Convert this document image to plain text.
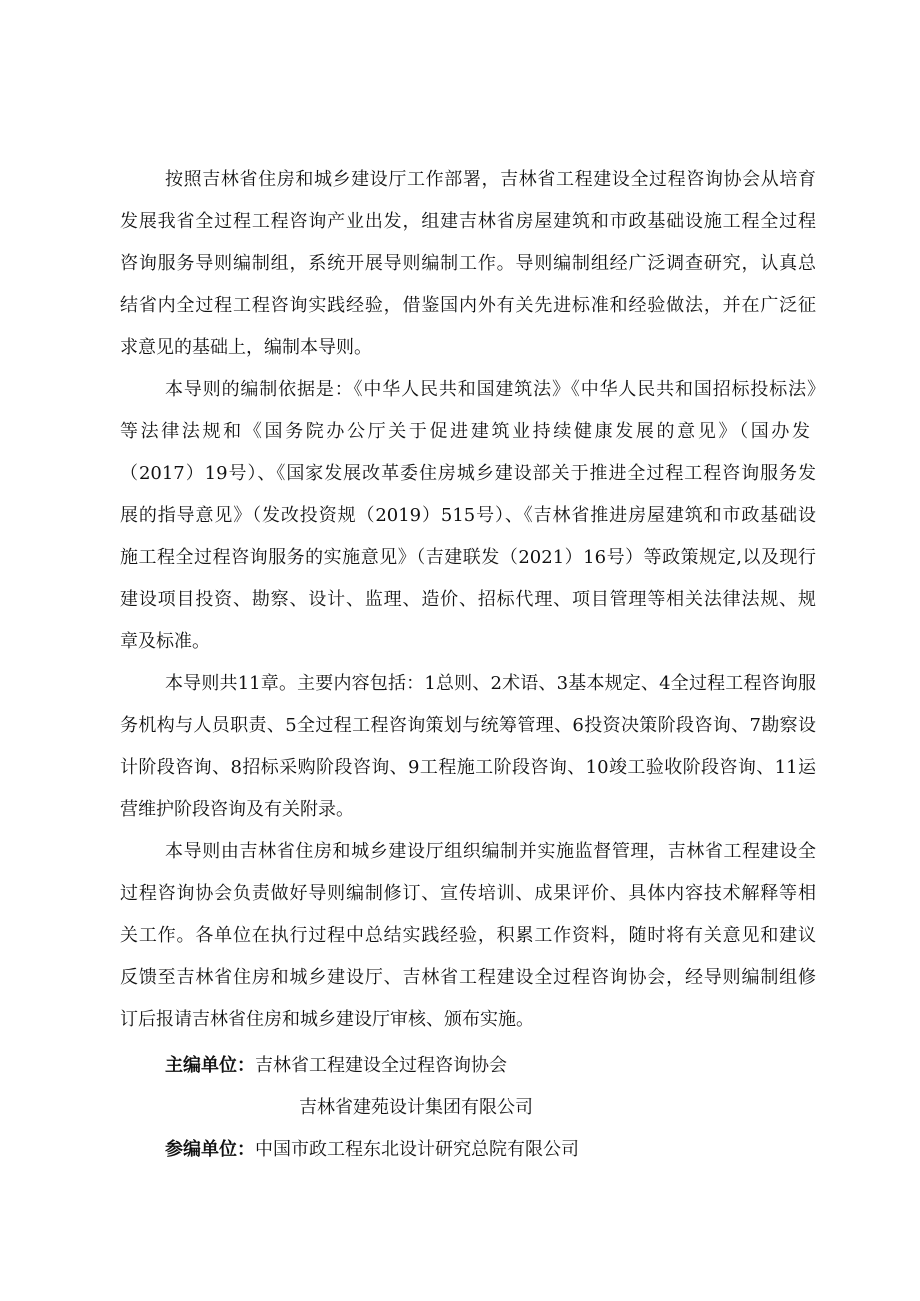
按照吉林省住房和城乡建设厅工作部署，吉林省工程建设全过程咨询协会从培育
发展我省全过程工程咨询产业出发，组建吉林省房屋建筑和市政基础设施工程全过程
咨询服务导则编制组，系统开展导则编制工作。导则编制组经广泛调查研究，认真总
结省内全过程工程咨询实践经验，借鉴国内外有关先进标准和经验做法，并在广泛征
求意见的基础上，编制本导则。
本导则的编制依据是：《中华人民共和国建筑法》《中华人民共和国招标投标法》
等法律法规和《国务院办公厅关于促进建筑业持续健康发展的意见》（国办发
（2017）19号）、《国家发展改革委住房城乡建设部关于推进全过程工程咨询服务发
展的指导意见》（发改投资规（2019）515号）、《吉林省推进房屋建筑和市政基础设
施工程全过程咨询服务的实施意见》（吉建联发（2021）16号）等政策规定,以及现行
建设项目投资、勘察、设计、监理、造价、招标代理、项目管理等相关法律法规、规
章及标准。
本导则共11章。主要内容包括：1总则、2术语、3基本规定、4全过程工程咨询服
务机构与人员职责、5全过程工程咨询策划与统筹管理、6投资决策阶段咨询、7勘察设
计阶段咨询、8招标采购阶段咨询、9工程施工阶段咨询、10竣工验收阶段咨询、11运
营维护阶段咨询及有关附录。
本导则由吉林省住房和城乡建设厅组织编制并实施监督管理，吉林省工程建设全
过程咨询协会负责做好导则编制修订、宣传培训、成果评价、具体内容技术解释等相
关工作。各单位在执行过程中总结实践经验，积累工作资料，随时将有关意见和建议
反馈至吉林省住房和城乡建设厅、吉林省工程建设全过程咨询协会，经导则编制组修
订后报请吉林省住房和城乡建设厅审核、颁布实施。
主编单位：吉林省工程建设全过程咨询协会
吉林省建苑设计集团有限公司
参编单位：中国市政工程东北设计研究总院有限公司
